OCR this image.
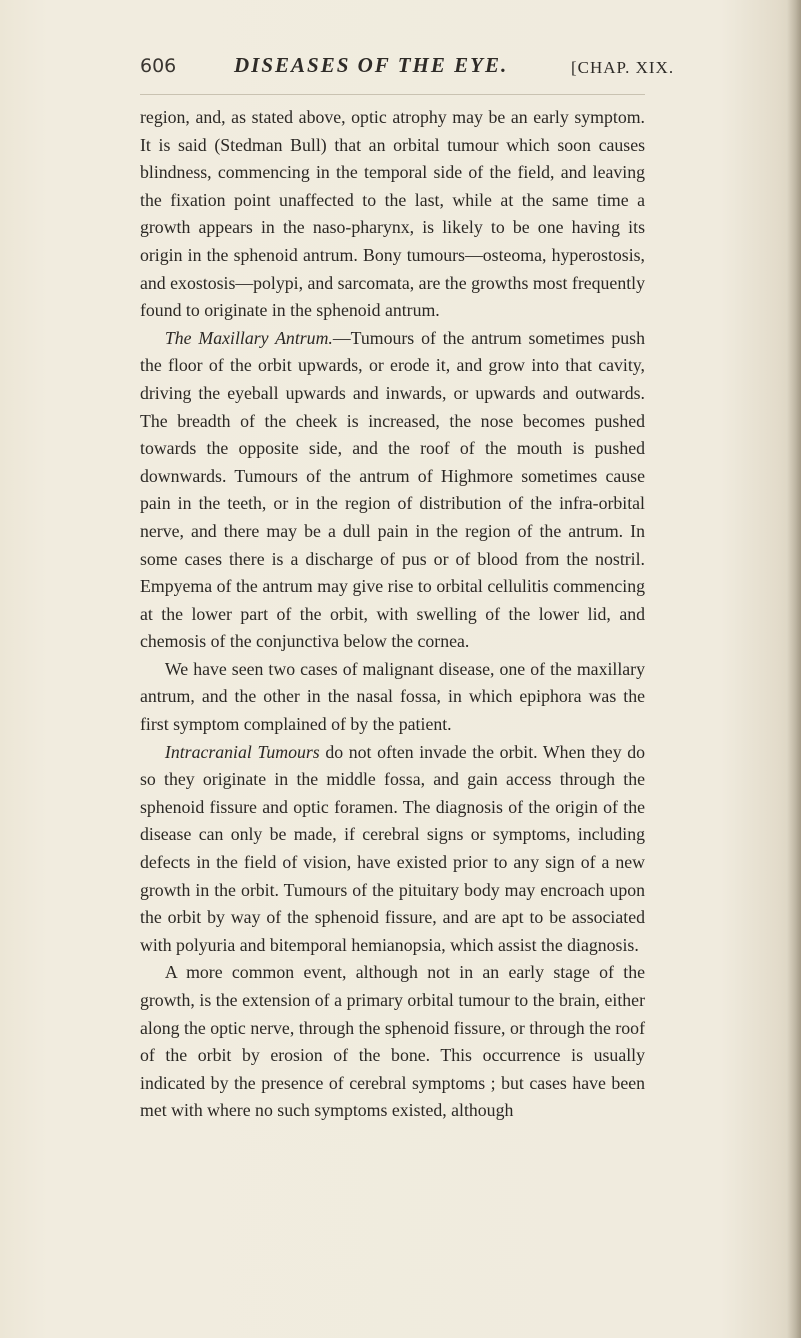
606	DISEASES OF THE EYE.	[CHAP. XIX.

region, and, as stated above, optic atrophy may be an early symptom. It is said (Stedman Bull) that an orbital tumour which soon causes blindness, commencing in the temporal side of the field, and leaving the fixation point unaffected to the last, while at the same time a growth appears in the naso-pharynx, is likely to be one having its origin in the sphenoid antrum. Bony tumours—osteoma, hyperostosis, and exostosis—polypi, and sarcomata, are the growths most frequently found to originate in the sphenoid antrum.

The Maxillary Antrum.—Tumours of the antrum sometimes push the floor of the orbit upwards, or erode it, and grow into that cavity, driving the eyeball upwards and inwards, or upwards and outwards. The breadth of the cheek is increased, the nose becomes pushed towards the opposite side, and the roof of the mouth is pushed downwards. Tumours of the antrum of Highmore sometimes cause pain in the teeth, or in the region of distribution of the infra-orbital nerve, and there may be a dull pain in the region of the antrum. In some cases there is a discharge of pus or of blood from the nostril. Empyema of the antrum may give rise to orbital cellulitis commencing at the lower part of the orbit, with swelling of the lower lid, and chemosis of the conjunctiva below the cornea.

We have seen two cases of malignant disease, one of the maxillary antrum, and the other in the nasal fossa, in which epiphora was the first symptom complained of by the patient.

Intracranial Tumours do not often invade the orbit. When they do so they originate in the middle fossa, and gain access through the sphenoid fissure and optic foramen. The diagnosis of the origin of the disease can only be made, if cerebral signs or symptoms, including defects in the field of vision, have existed prior to any sign of a new growth in the orbit. Tumours of the pituitary body may encroach upon the orbit by way of the sphenoid fissure, and are apt to be associated with polyuria and bitemporal hemianopsia, which assist the diagnosis.

A more common event, although not in an early stage of the growth, is the extension of a primary orbital tumour to the brain, either along the optic nerve, through the sphenoid fissure, or through the roof of the orbit by erosion of the bone. This occurrence is usually indicated by the presence of cerebral symptoms ; but cases have been met with where no such symptoms existed, although
